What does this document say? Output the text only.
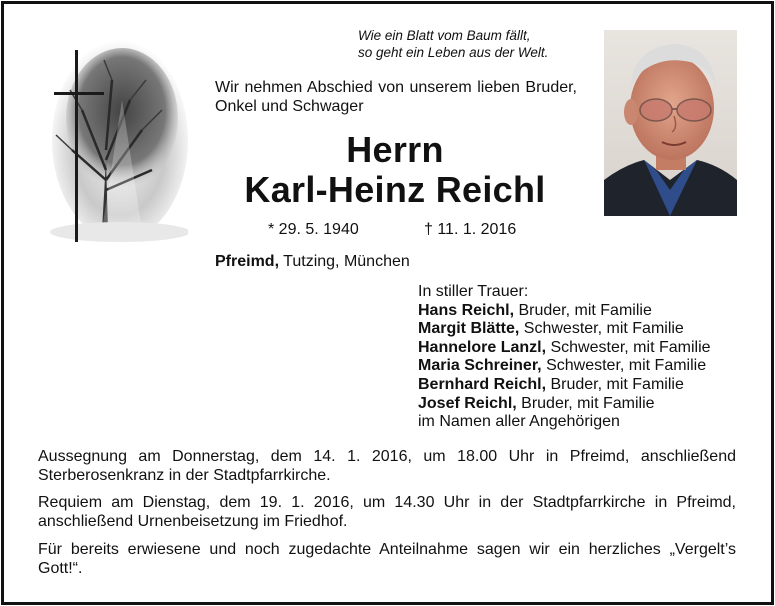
Wie ein Blatt vom Baum fällt,
so geht ein Leben aus der Welt.
Wir nehmen Abschied von unserem lieben Bruder, Onkel und Schwager
Herrn
Karl-Heinz Reichl
* 29. 5. 1940	† 11. 1. 2016
Pfreimd, Tutzing, München
In stiller Trauer:
Hans Reichl, Bruder, mit Familie
Margit Blätte, Schwester, mit Familie
Hannelore Lanzl, Schwester, mit Familie
Maria Schreiner, Schwester, mit Familie
Bernhard Reichl, Bruder, mit Familie
Josef Reichl, Bruder, mit Familie
im Namen aller Angehörigen
Aussegnung am Donnerstag, dem 14. 1. 2016, um 18.00 Uhr in Pfreimd, anschließend Sterberosenkranz in der Stadtpfarrkirche.
Requiem am Dienstag, dem 19. 1. 2016, um 14.30 Uhr in der Stadtpfarrkirche in Pfreimd, anschließend Urnenbeisetzung im Friedhof.
Für bereits erwiesene und noch zugedachte Anteilnahme sagen wir ein herzliches „Vergelt’s Gott!“.
